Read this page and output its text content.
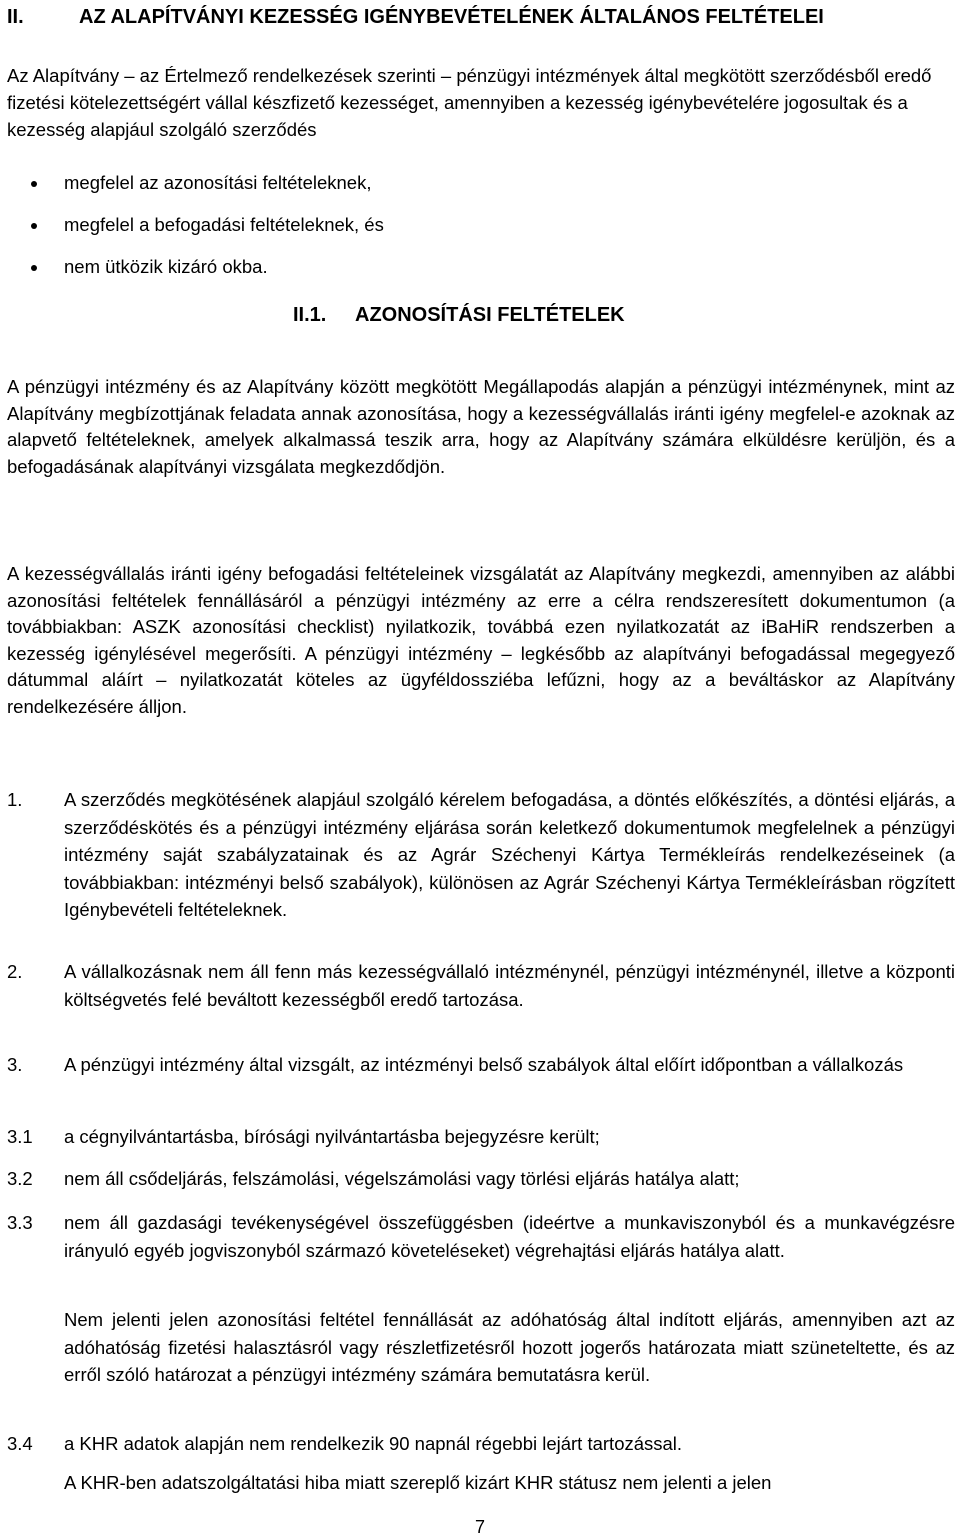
II.	AZ ALAPÍTVÁNYI KEZESSÉG IGÉNYBEVÉTELÉNEK ÁLTALÁNOS FELTÉTELEI
Az Alapítvány – az Értelmező rendelkezések szerinti – pénzügyi intézmények által megkötött szerződésből eredő fizetési kötelezettségért vállal készfizető kezességet, amennyiben a kezesség igénybevételére jogosultak és a kezesség alapjául szolgáló szerződés
megfelel az azonosítási feltételeknek,
megfelel a befogadási feltételeknek, és
nem ütközik kizáró okba.
II.1. AZONOSÍTÁSI FELTÉTELEK
A pénzügyi intézmény és az Alapítvány között megkötött Megállapodás alapján a pénzügyi intézménynek, mint az Alapítvány megbízottjának feladata annak azonosítása, hogy a kezességvállalás iránti igény megfelel-e azoknak az alapvető feltételeknek, amelyek alkalmassá teszik arra, hogy az Alapítvány számára elküldésre kerüljön, és a befogadásának alapítványi vizsgálata megkezdődjön.
A kezességvállalás iránti igény befogadási feltételeinek vizsgálatát az Alapítvány megkezdi, amennyiben az alábbi azonosítási feltételek fennállásáról a pénzügyi intézmény az erre a célra rendszeresített dokumentumon (a továbbiakban: ASZK azonosítási checklist) nyilatkozik, továbbá ezen nyilatkozatát az iBaHiR rendszerben a kezesség igénylésével megerősíti. A pénzügyi intézmény – legkésőbb az alapítványi befogadással megegyező dátummal aláírt – nyilatkozatát köteles az ügyféldossziéba lefűzni, hogy az a beváltáskor az Alapítvány rendelkezésére álljon.
1.	A szerződés megkötésének alapjául szolgáló kérelem befogadása, a döntés előkészítés, a döntési eljárás, a szerződéskötés és a pénzügyi intézmény eljárása során keletkező dokumentumok megfelelnek a pénzügyi intézmény saját szabályzatainak és az Agrár Széchenyi Kártya Termékleírás rendelkezéseinek (a továbbiakban: intézményi belső szabályok), különösen az Agrár Széchenyi Kártya Termékleírásban rögzített Igénybevételi feltételeknek.
2.	A vállalkozásnak nem áll fenn más kezességvállaló intézménynél, pénzügyi intézménynél, illetve a központi költségvetés felé beváltott kezességből eredő tartozása.
3.	A pénzügyi intézmény által vizsgált, az intézményi belső szabályok által előírt időpontban a vállalkozás
3.1	a cégnyilvántartásba, bírósági nyilvántartásba bejegyzésre került;
3.2	nem áll csődeljárás, felszámolási, végelszámolási vagy törlési eljárás hatálya alatt;
3.3	nem áll gazdasági tevékenységével összefüggésben (ideértve a munkaviszonyból és a munkavégzésre irányuló egyéb jogviszonyból származó követeléseket) végrehajtási eljárás hatálya alatt.
Nem jelenti jelen azonosítási feltétel fennállását az adóhatóság által indított eljárás, amennyiben azt az adóhatóság fizetési halasztásról vagy részletfizetésről hozott jogerős határozata miatt szüneteltette, és az erről szóló határozat a pénzügyi intézmény számára bemutatásra kerül.
3.4	a KHR adatok alapján nem rendelkezik 90 napnál régebbi lejárt tartozással.
A KHR-ben adatszolgáltatási hiba miatt szereplő kizárt KHR státusz nem jelenti a jelen
7
